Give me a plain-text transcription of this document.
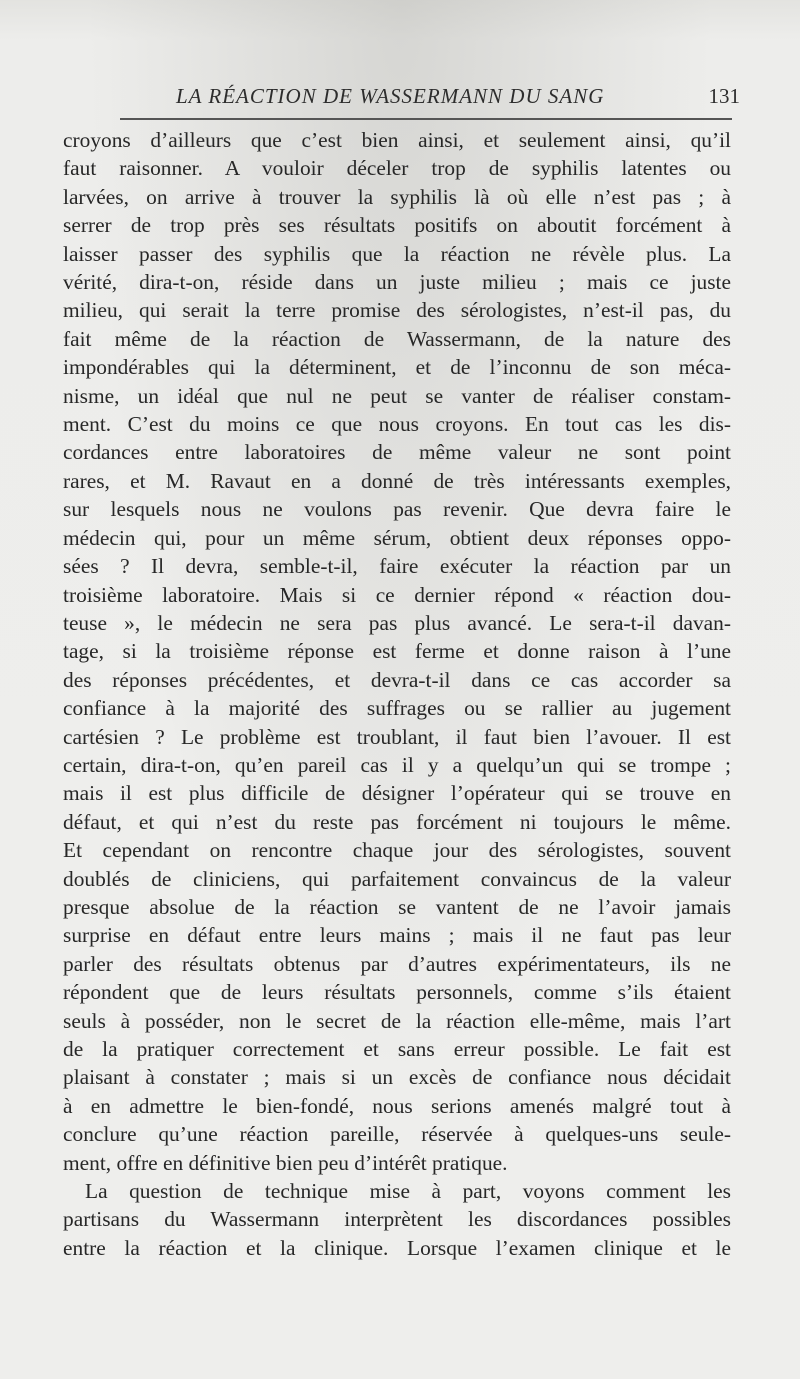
LA RÉACTION DE WASSERMANN DU SANG	131

croyons d’ailleurs que c’est bien ainsi, et seulement ainsi, qu’il

faut raisonner. A vouloir déceler trop de syphilis latentes ou

larvées, on arrive à trouver la syphilis là où elle n’est pas ; à

serrer de trop près ses résultats positifs on aboutit forcément à

laisser passer des syphilis que la réaction ne révèle plus. La

vérité, dira-t-on, réside dans un juste milieu ; mais ce juste

milieu, qui serait la terre promise des sérologistes, n’est-il pas, du

fait même de la réaction de Wassermann, de la nature des

impondérables qui la déterminent, et de l’inconnu de son méca-

nisme, un idéal que nul ne peut se vanter de réaliser constam-

ment. C’est du moins ce que nous croyons. En tout cas les dis-

cordances entre laboratoires de même valeur ne sont point

rares, et M. Ravaut en a donné de très intéressants exemples,

sur lesquels nous ne voulons pas revenir. Que devra faire le

médecin qui, pour un même sérum, obtient deux réponses oppo-

sées ? Il devra, semble-t-il, faire exécuter la réaction par un

troisième laboratoire. Mais si ce dernier répond « réaction dou-

teuse », le médecin ne sera pas plus avancé. Le sera-t-il davan-

tage, si la troisième réponse est ferme et donne raison à l’une

des réponses précédentes, et devra-t-il dans ce cas accorder sa

confiance à la majorité des suffrages ou se rallier au jugement

cartésien ? Le problème est troublant, il faut bien l’avouer. Il est

certain, dira-t-on, qu’en pareil cas il y a quelqu’un qui se trompe ;

mais il est plus difficile de désigner l’opérateur qui se trouve en

défaut, et qui n’est du reste pas forcément ni toujours le même.

Et cependant on rencontre chaque jour des sérologistes, souvent

doublés de cliniciens, qui parfaitement convaincus de la valeur

presque absolue de la réaction se vantent de ne l’avoir jamais

surprise en défaut entre leurs mains ; mais il ne faut pas leur

parler des résultats obtenus par d’autres expérimentateurs, ils ne

répondent que de leurs résultats personnels, comme s’ils étaient

seuls à posséder, non le secret de la réaction elle-même, mais l’art

de la pratiquer correctement et sans erreur possible. Le fait est

plaisant à constater ; mais si un excès de confiance nous décidait

à en admettre le bien-fondé, nous serions amenés malgré tout à

conclure qu’une réaction pareille, réservée à quelques-uns seule-

ment, offre en définitive bien peu d’intérêt pratique.

La question de technique mise à part, voyons comment les

partisans du Wassermann interprètent les discordances possibles

entre la réaction et la clinique. Lorsque l’examen clinique et le
